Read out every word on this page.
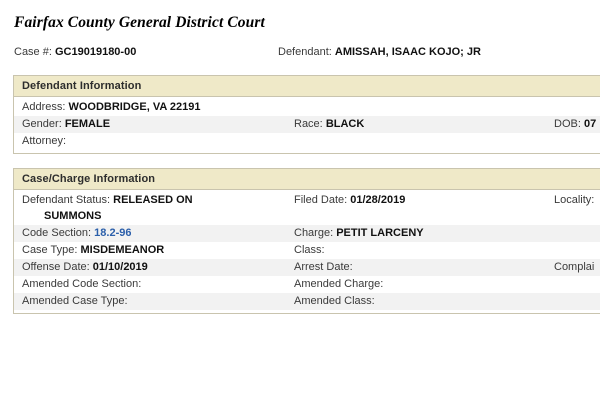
Fairfax County General District Court
Case #: GC19019180-00	Defendant: AMISSAH, ISAAC KOJO; JR
Defendant Information
Address: WOODBRIDGE, VA 22191
Gender: FEMALE	Race: BLACK	DOB: 07
Attorney:
Case/Charge Information
Defendant Status: RELEASED ON
SUMMONS
Filed Date: 01/28/2019	Locality:
Code Section: 18.2-96	Charge: PETIT LARCENY
Case Type: MISDEMEANOR	Class:
Offense Date: 01/10/2019	Arrest Date:	Complai
Amended Code Section:	Amended Charge:
Amended Case Type:	Amended Class:
